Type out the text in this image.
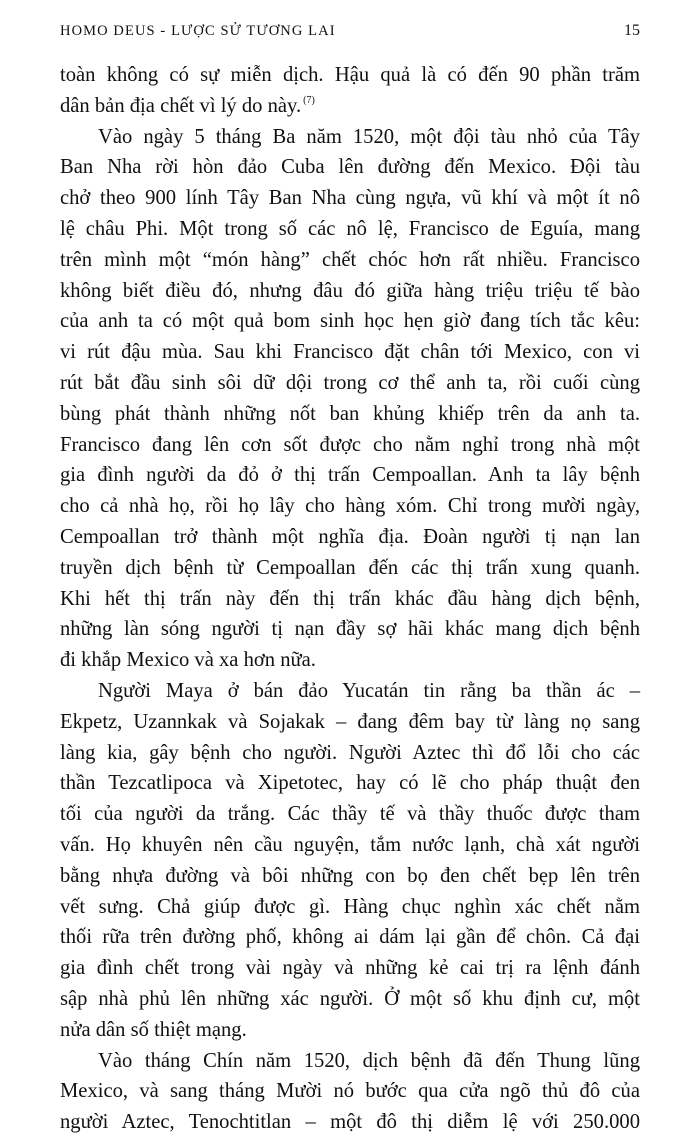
HOMO DEUS - LƯỢC SỬ TƯƠNG LAI	15
toàn không có sự miễn dịch. Hậu quả là có đến 90 phần trăm
dân bản địa chết vì lý do này. $^{(7)}$
Vào ngày 5 tháng Ba năm 1520, một đội tàu nhỏ của Tây
Ban Nha rời hòn đảo Cuba lên đường đến Mexico. Đội tàu
chở theo 900 lính Tây Ban Nha cùng ngựa, vũ khí và một ít nô
lệ châu Phi. Một trong số các nô lệ, Francisco de Eguía, mang
trên mình một “món hàng” chết chóc hơn rất nhiều. Francisco
không biết điều đó, nhưng đâu đó giữa hàng triệu triệu tế bào
của anh ta có một quả bom sinh học hẹn giờ đang tích tắc kêu:
vi rút đậu mùa. Sau khi Francisco đặt chân tới Mexico, con vi
rút bắt đầu sinh sôi dữ dội trong cơ thể anh ta, rồi cuối cùng
bùng phát thành những nốt ban khủng khiếp trên da anh ta.
Francisco đang lên cơn sốt được cho nằm nghỉ trong nhà một
gia đình người da đỏ ở thị trấn Cempoallan. Anh ta lây bệnh
cho cả nhà họ, rồi họ lây cho hàng xóm. Chỉ trong mười ngày,
Cempoallan trở thành một nghĩa địa. Đoàn người tị nạn lan
truyền dịch bệnh từ Cempoallan đến các thị trấn xung quanh.
Khi hết thị trấn này đến thị trấn khác đầu hàng dịch bệnh,
những làn sóng người tị nạn đầy sợ hãi khác mang dịch bệnh
đi khắp Mexico và xa hơn nữa.
Người Maya ở bán đảo Yucatán tin rằng ba thần ác –
Ekpetz, Uzannkak và Sojakak – đang đêm bay từ làng nọ sang
làng kia, gây bệnh cho người. Người Aztec thì đổ lỗi cho các
thần Tezcatlipoca và Xipetotec, hay có lẽ cho pháp thuật đen
tối của người da trắng. Các thầy tế và thầy thuốc được tham
vấn. Họ khuyên nên cầu nguyện, tắm nước lạnh, chà xát người
bằng nhựa đường và bôi những con bọ đen chết bẹp lên trên
vết sưng. Chả giúp được gì. Hàng chục nghìn xác chết nằm
thối rữa trên đường phố, không ai dám lại gần để chôn. Cả đại
gia đình chết trong vài ngày và những kẻ cai trị ra lệnh đánh
sập nhà phủ lên những xác người. Ở một số khu định cư, một
nửa dân số thiệt mạng.
Vào tháng Chín năm 1520, dịch bệnh đã đến Thung lũng
Mexico, và sang tháng Mười nó bước qua cửa ngõ thủ đô của
người Aztec, Tenochtitlan – một đô thị diễm lệ với 250.000
